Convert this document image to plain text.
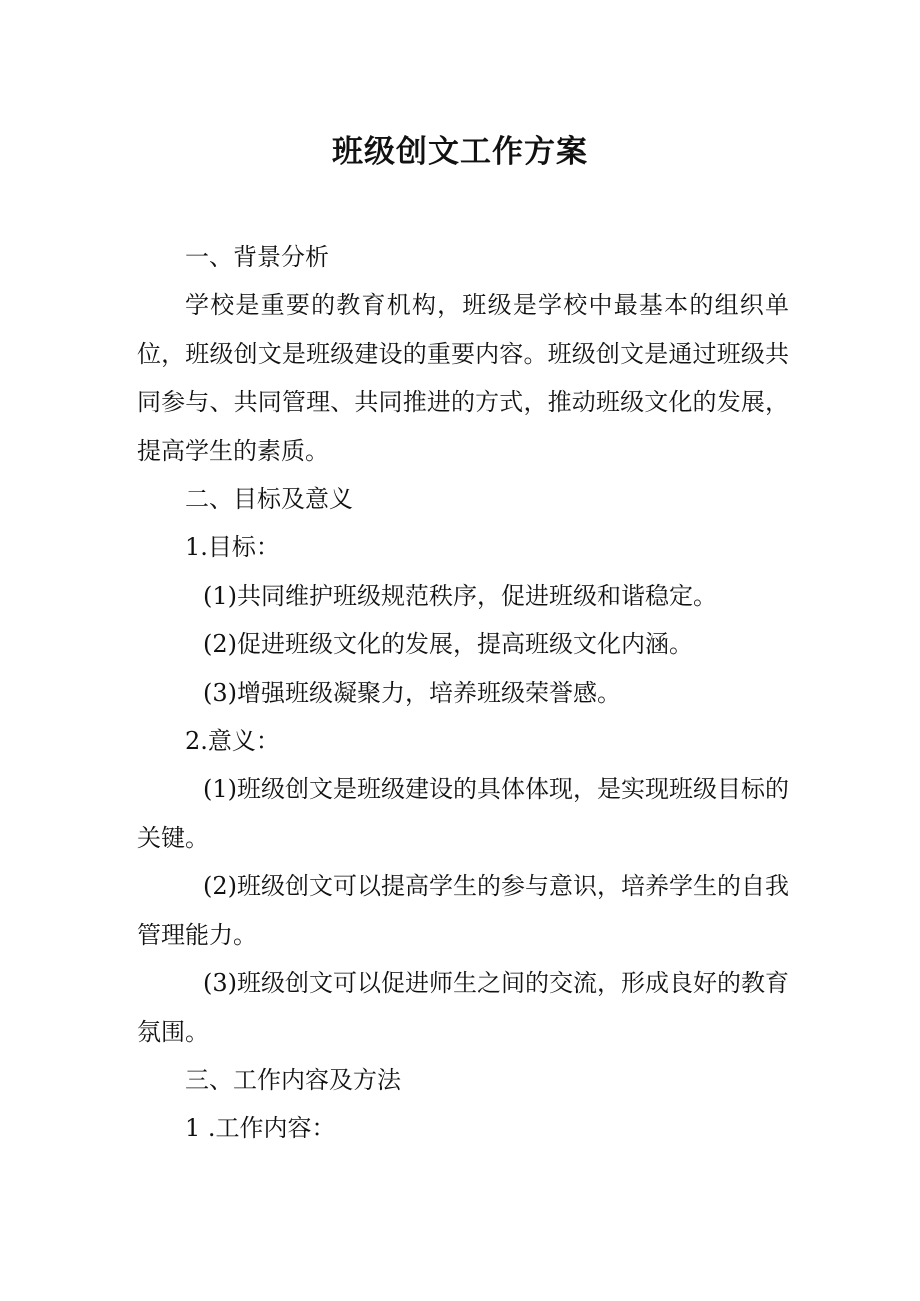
班级创文工作方案

一、背景分析

学校是重要的教育机构，班级是学校中最基本的组织单位，班级创文是班级建设的重要内容。班级创文是通过班级共同参与、共同管理、共同推进的方式，推动班级文化的发展，提高学生的素质。

二、目标及意义

1.目标：

(1)共同维护班级规范秩序，促进班级和谐稳定。

(2)促进班级文化的发展，提高班级文化内涵。

(3)增强班级凝聚力，培养班级荣誉感。

2.意义：

(1)班级创文是班级建设的具体体现，是实现班级目标的关键。

(2)班级创文可以提高学生的参与意识，培养学生的自我管理能力。

(3)班级创文可以促进师生之间的交流，形成良好的教育氛围。

三、工作内容及方法

1 .工作内容：
